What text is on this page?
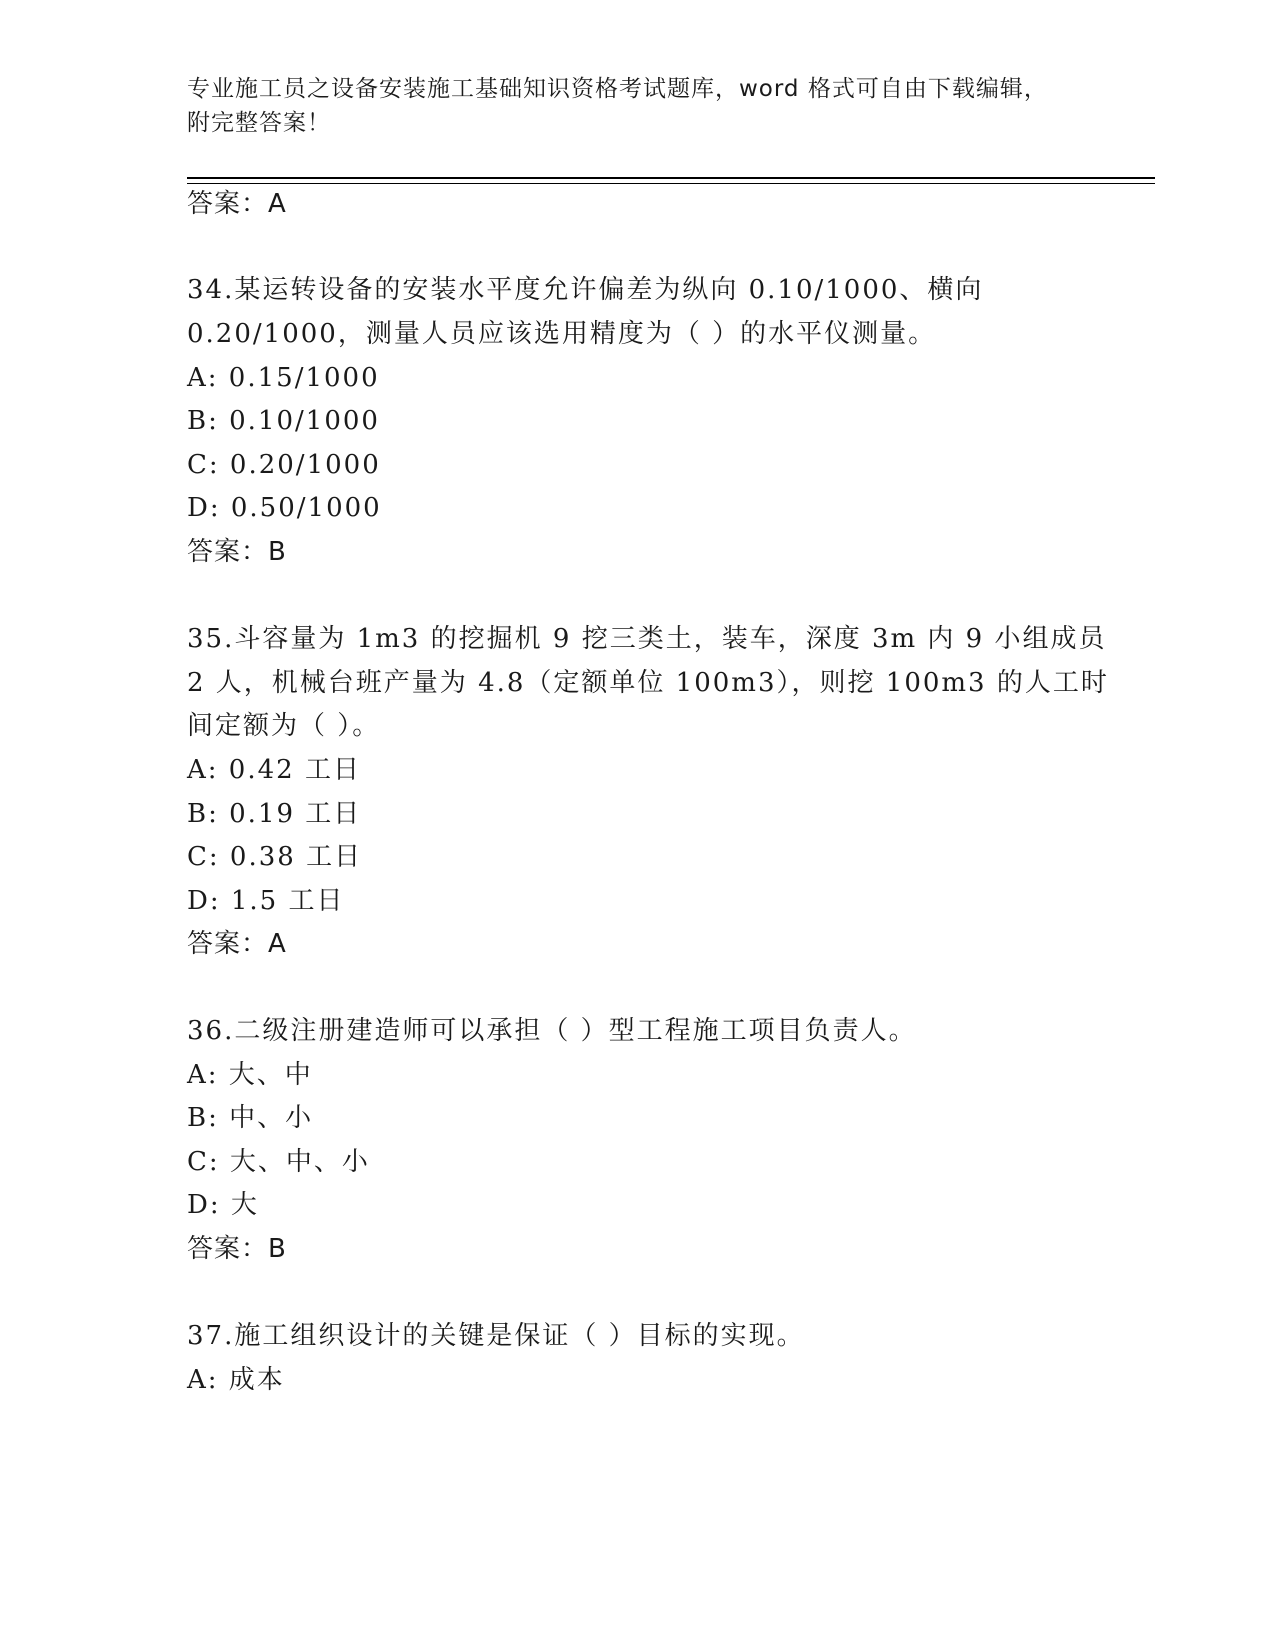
专业施工员之设备安装施工基础知识资格考试题库，word 格式可自由下载编辑，
附完整答案！
答案：A
34.某运转设备的安装水平度允许偏差为纵向 0.10/1000、横向
0.20/1000，测量人员应该选用精度为（ ）的水平仪测量。
A: 0.15/1000
B: 0.10/1000
C: 0.20/1000
D: 0.50/1000
答案：B
35.斗容量为 1m3 的挖掘机 9 挖三类土，装车，深度 3m 内 9 小组成员
2 人，机械台班产量为 4.8（定额单位 100m3），则挖 100m3 的人工时
间定额为（ ）。
A: 0.42 工日
B: 0.19 工日
C: 0.38 工日
D: 1.5 工日
答案：A
36.二级注册建造师可以承担（ ）型工程施工项目负责人。
A: 大、中
B: 中、小
C: 大、中、小
D: 大
答案：B
37.施工组织设计的关键是保证（ ）目标的实现。
A: 成本
